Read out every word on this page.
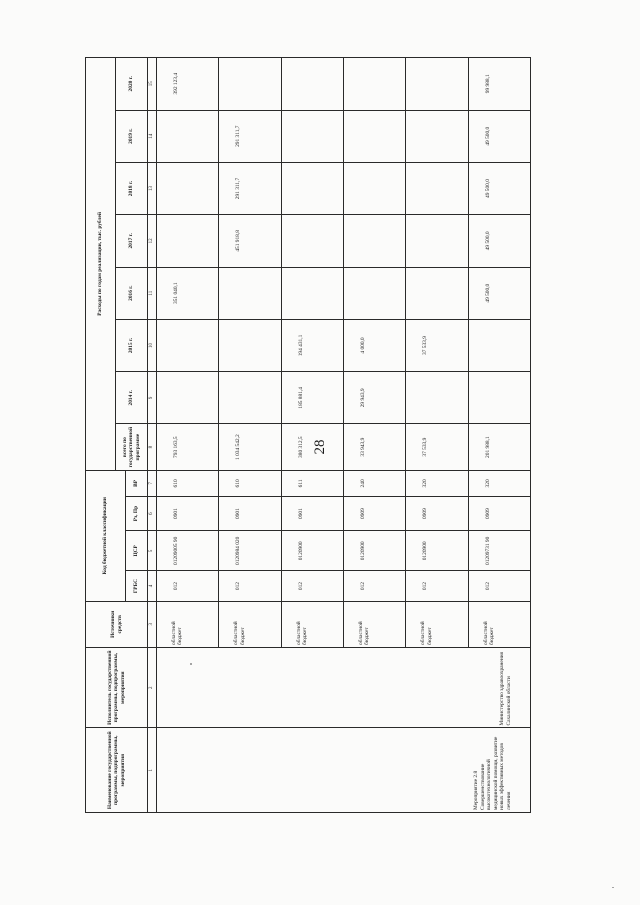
28
Наименование государственной программы, подпрограммы, мероприятия	Исполнитель государственной программы, подпрограммы, мероприятия	Источники средств	Код бюджетной классификации				Расходы по годам реализации, тыс. рублей							
							всего по государственной программе	2014 г.	2015 г.	2016 г.	2017 г.	2018 г.	2019 г.	2020 г.
			ГРБС	ЦСР	Рз, Пр	ВР								
1	2	3	4	5	6	7	8	9	10	11	12	13	14	15
Мероприятие 2.8 Совершенствование высокотехнологичной медицинской помощи, развитие новых эффективных методов лечения	Министерство здравоохранения Сахалинской области	областной бюджет	012	01209005 90	0901	610	793 163,5			351 040,1				392 123,4
		областной бюджет	012	0120984 020	0901	610	1 034 542,2				451 918,8	291 311,7	291 311,7	
		областной бюджет	012	0120900	0901	611	380 312,5	185 881,4	194 431,1					
		областной бюджет	012	0120900	0909	240	33 943,9	29 943,9	4 000,0					
		областной бюджет	012	0120900	0909	320	37 533,9		37 533,9					
		областной бюджет	012	01209731 90	0909	320	201 988,1			49 500,0	49 500,0	49 500,0	49 500,0	99 988,1
